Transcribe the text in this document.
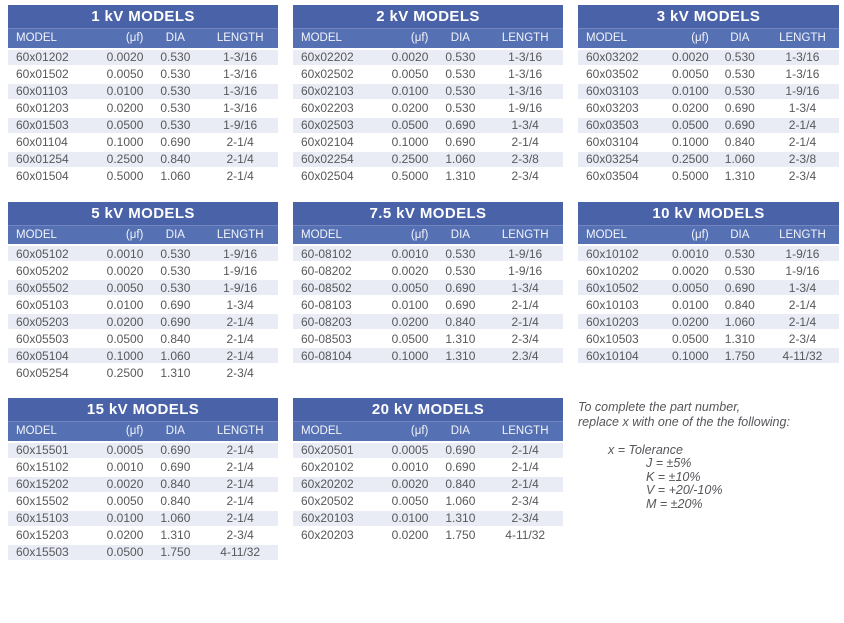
1 kV MODELS
MODEL	(μf)	DIA	LENGTH
60x01202	0.0020	0.530	1-3/16
60x01502	0.0050	0.530	1-3/16
60x01103	0.0100	0.530	1-3/16
60x01203	0.0200	0.530	1-3/16
60x01503	0.0500	0.530	1-9/16
60x01104	0.1000	0.690	2-1/4
60x01254	0.2500	0.840	2-1/4
60x01504	0.5000	1.060	2-1/4
2 kV MODELS
MODEL	(μf)	DIA	LENGTH
60x02202	0.0020	0.530	1-3/16
60x02502	0.0050	0.530	1-3/16
60x02103	0.0100	0.530	1-3/16
60x02203	0.0200	0.530	1-9/16
60x02503	0.0500	0.690	1-3/4
60x02104	0.1000	0.690	2-1/4
60x02254	0.2500	1.060	2-3/8
60x02504	0.5000	1.310	2-3/4
3 kV MODELS
MODEL	(μf)	DIA	LENGTH
60x03202	0.0020	0.530	1-3/16
60x03502	0.0050	0.530	1-3/16
60x03103	0.0100	0.530	1-9/16
60x03203	0.0200	0.690	1-3/4
60x03503	0.0500	0.690	2-1/4
60x03104	0.1000	0.840	2-1/4
60x03254	0.2500	1.060	2-3/8
60x03504	0.5000	1.310	2-3/4
5 kV MODELS
MODEL	(μf)	DIA	LENGTH
60x05102	0.0010	0.530	1-9/16
60x05202	0.0020	0.530	1-9/16
60x05502	0.0050	0.530	1-9/16
60x05103	0.0100	0.690	1-3/4
60x05203	0.0200	0.690	2-1/4
60x05503	0.0500	0.840	2-1/4
60x05104	0.1000	1.060	2-1/4
60x05254	0.2500	1.310	2-3/4
7.5 kV MODELS
MODEL	(μf)	DIA	LENGTH
60-08102	0.0010	0.530	1-9/16
60-08202	0.0020	0.530	1-9/16
60-08502	0.0050	0.690	1-3/4
60-08103	0.0100	0.690	2-1/4
60-08203	0.0200	0.840	2-1/4
60-08503	0.0500	1.310	2-3/4
60-08104	0.1000	1.310	2.3/4
10 kV MODELS
MODEL	(μf)	DIA	LENGTH
60x10102	0.0010	0.530	1-9/16
60x10202	0.0020	0.530	1-9/16
60x10502	0.0050	0.690	1-3/4
60x10103	0.0100	0.840	2-1/4
60x10203	0.0200	1.060	2-1/4
60x10503	0.0500	1.310	2-3/4
60x10104	0.1000	1.750	4-11/32
15 kV MODELS
MODEL	(μf)	DIA	LENGTH
60x15501	0.0005	0.690	2-1/4
60x15102	0.0010	0.690	2-1/4
60x15202	0.0020	0.840	2-1/4
60x15502	0.0050	0.840	2-1/4
60x15103	0.0100	1.060	2-1/4
60x15203	0.0200	1.310	2-3/4
60x15503	0.0500	1.750	4-11/32
20 kV MODELS
MODEL	(μf)	DIA	LENGTH
60x20501	0.0005	0.690	2-1/4
60x20102	0.0010	0.690	2-1/4
60x20202	0.0020	0.840	2-1/4
60x20502	0.0050	1.060	2-3/4
60x20103	0.0100	1.310	2-3/4
60x20203	0.0200	1.750	4-11/32
To complete the part number,
replace x with one of the the following:
x = Tolerance
J = ±5%
K = ±10%
V = +20/-10%
M = ±20%
